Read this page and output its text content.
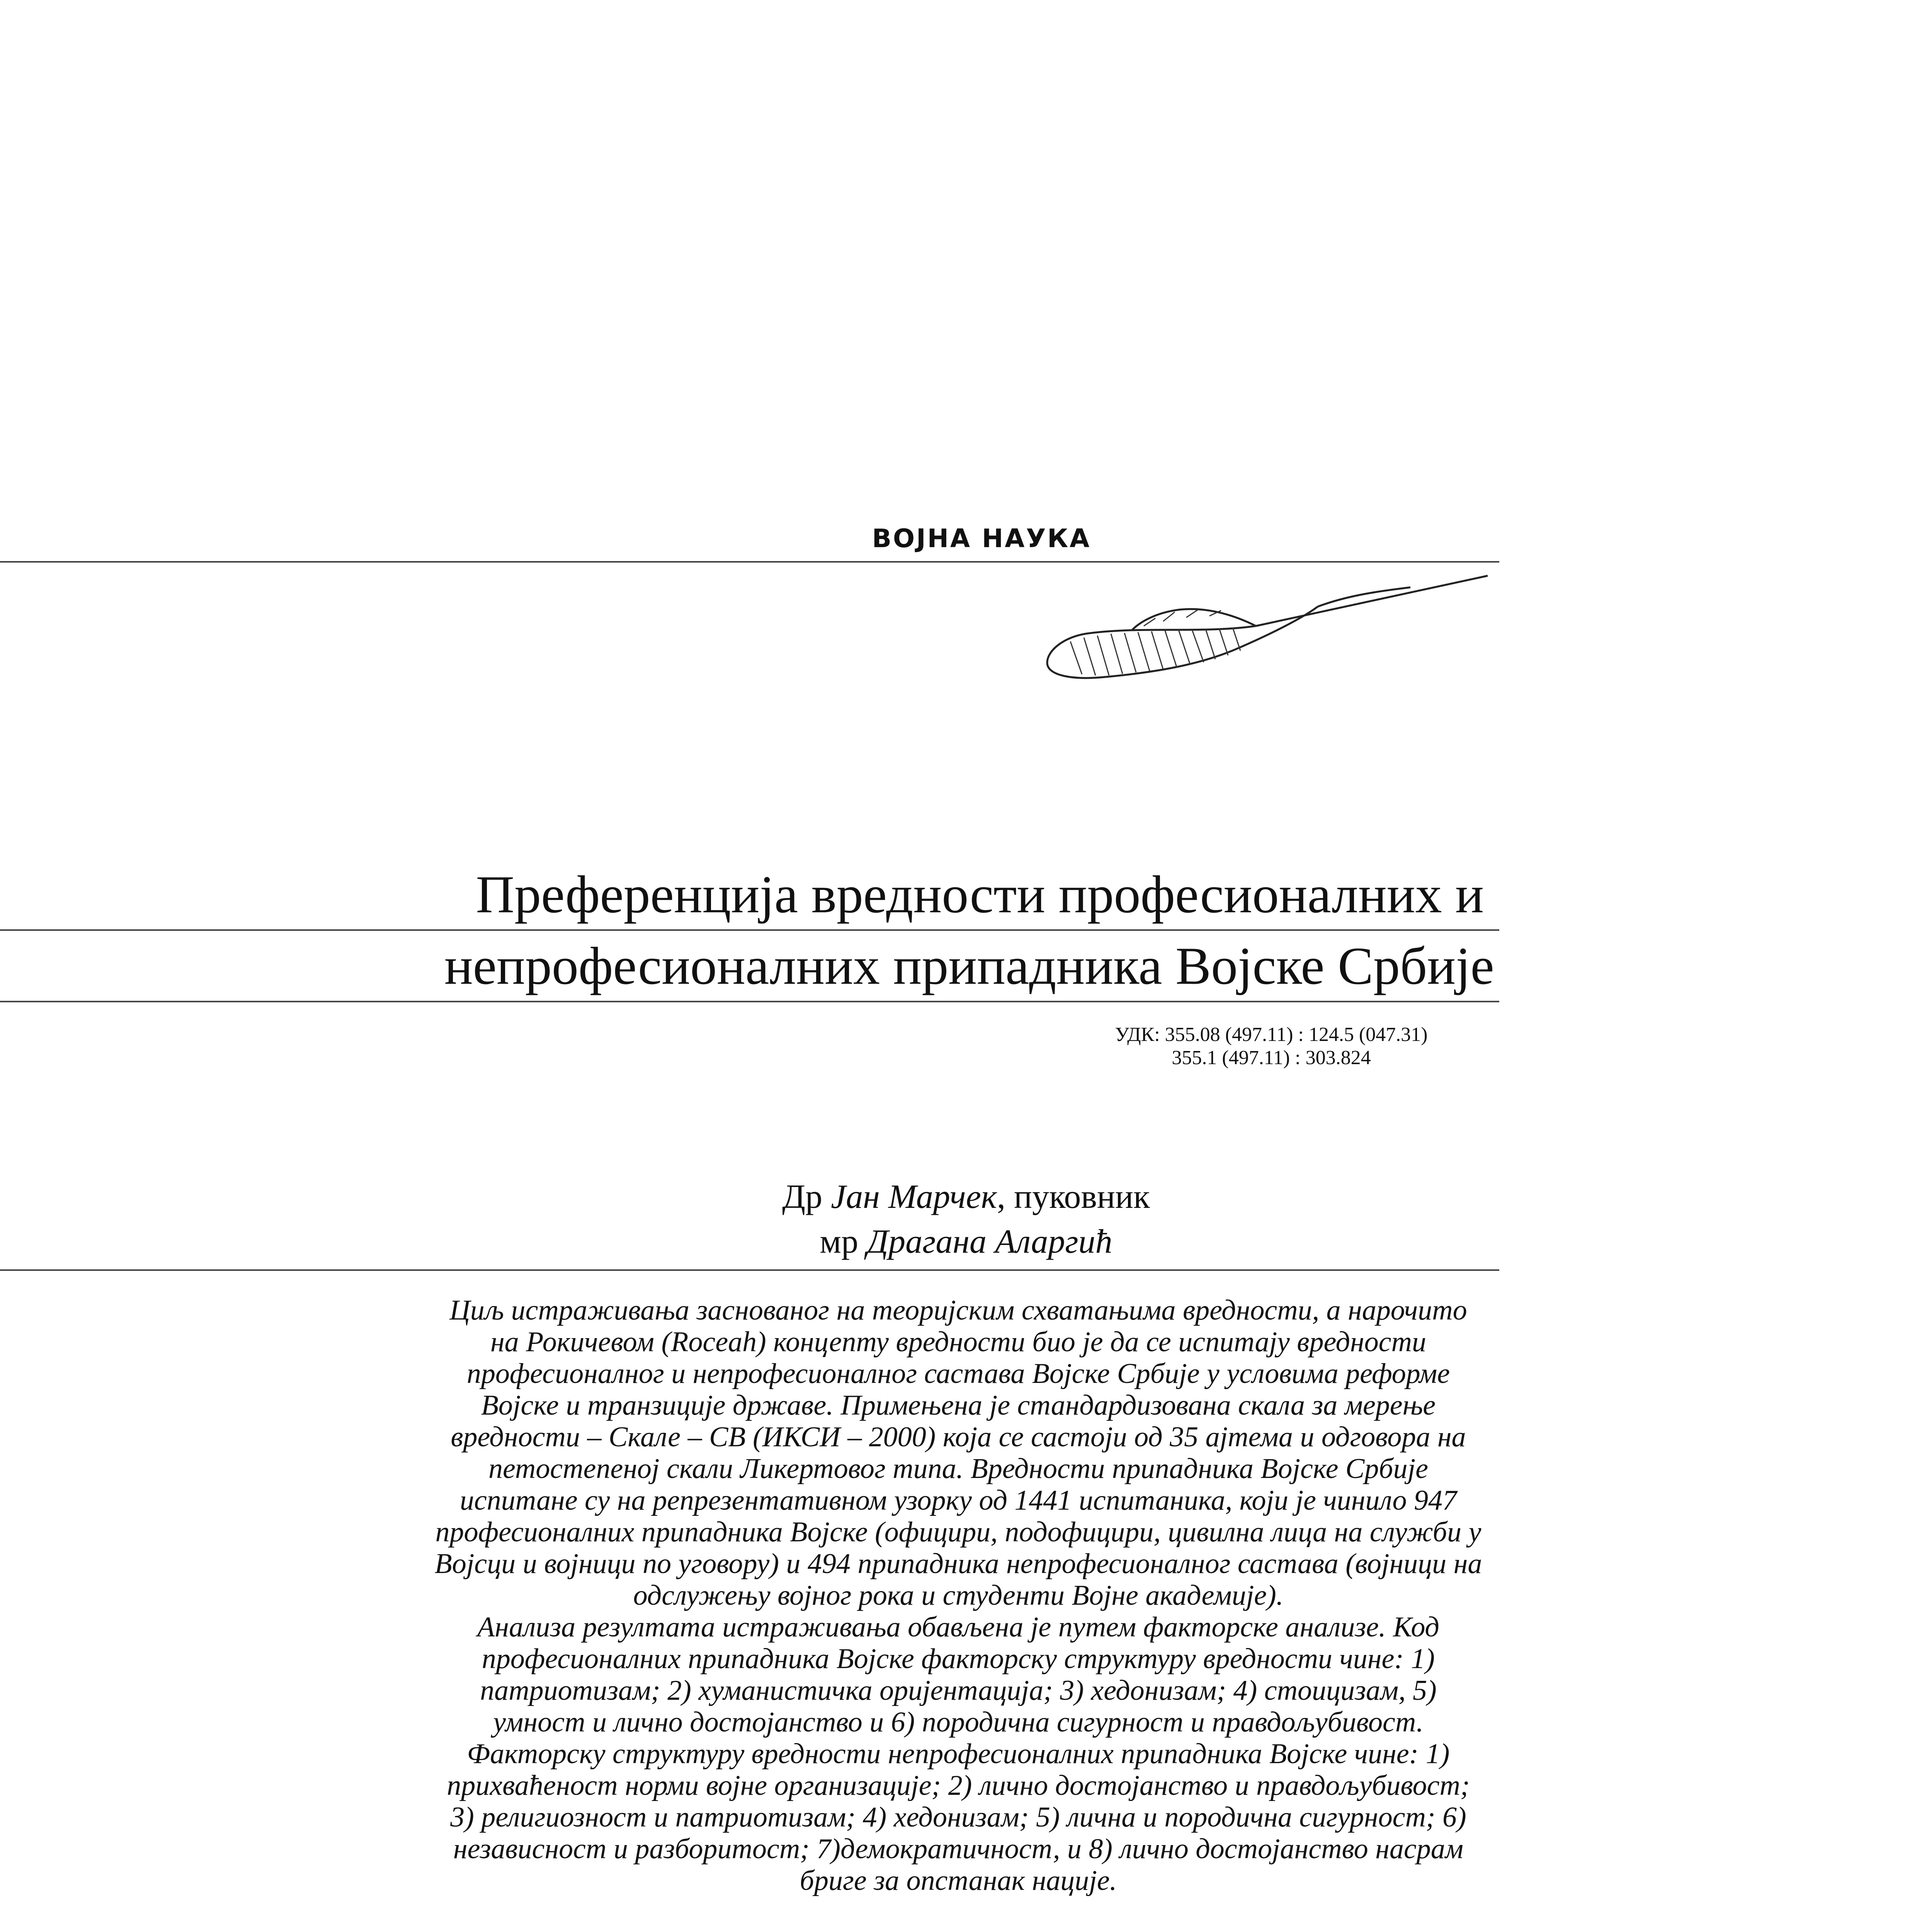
ВОЈНА НАУКА
Преференција вредности професионалних и
непрофесионалних припадника Војске Србије
УДК: 355.08 (497.11) : 124.5 (047.31)
355.1 (497.11) : 303.824
Др Јан Марчек, пуковник
мр Драгана Аларгић

Циљ истраживања заснованог на теоријским схватањима вредности, а нарочито на Рокичевом (Roceah) концепту вредности био је да се испитају вредности професионалног и непрофесионалног састава Војске Србије у условима реформе Војске и транзиције државе. Примењена је стандардизована скала за мерење вредности – Скале – СВ (ИКСИ – 2000) која се састоји од 35 ајтема и одговора на петостепеној скали Ликертовог типа. Вредности припадника Војске Србије испитане су на репрезентативном узорку од 1441 испитаника, који је чинило 947 професионалних припадника Војске (официри, подофицири, цивилна лица на служби у Војсци и војници по уговору) и 494 припадника непрофесионалног састава (војници на одслужењу војног рока и студенти Војне академије).

Анализа резултата истраживања обављена је путем факторске анализе. Код професионалних припадника Војске факторску структуру вредности чине: 1) патриотизам; 2) хуманистичка оријентација; 3) хедонизам; 4) стоицизам, 5) умност и лично достојанство и 6) породична сигурност и правдољубивост. Факторску структуру вредности непрофесионалних припадника Војске чине: 1) прихваћеност норми војне организације; 2) лично достојанство и правдољубивост; 3) религиозност и патриотизам; 4) хедонизам; 5) лична и породична сигурност; 6) независност и разборитост; 7)демократичност, и 8) лично достојанство насрам бриге за опстанак нације.
